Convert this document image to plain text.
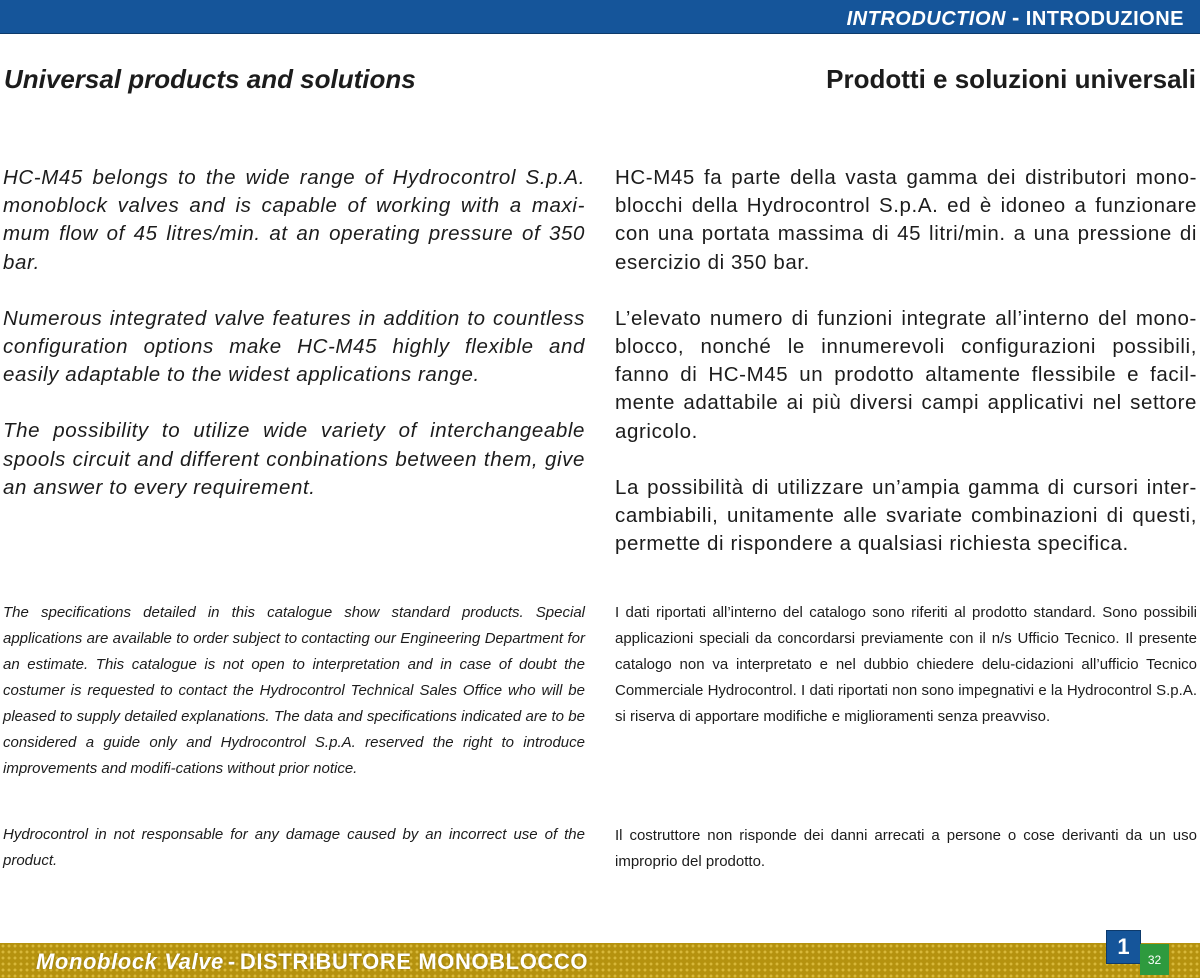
INTRODUCTION - INTRODUZIONE
Universal products and solutions	Prodotti e soluzioni universali

HC-M45 belongs to the wide range of Hydrocontrol S.p.A. monoblock valves and is capable of working with a maxi-mum flow of 45 litres/min. at an operating pressure of 350 bar.

Numerous integrated valve features in addition to countless configuration options make HC-M45 highly flexible and easily adaptable to the widest applications range.

The possibility to utilize wide variety of interchangeable spools circuit and different conbinations between them, give an answer to every requirement.

HC-M45 fa parte della vasta gamma dei distributori mono-blocchi della Hydrocontrol S.p.A. ed è idoneo a funzionare con una portata massima di 45 litri/min. a una pressione di esercizio di 350 bar.

L’elevato numero di funzioni integrate all’interno del mono-blocco, nonché le innumerevoli configurazioni possibili, fanno di HC-M45 un prodotto altamente flessibile e facil-mente adattabile ai più diversi campi applicativi nel settore agricolo.

La possibilità di utilizzare un’ampia gamma di cursori inter-cambiabili, unitamente alle svariate combinazioni di questi, permette di rispondere a qualsiasi richiesta specifica.

The specifications detailed in this catalogue show standard products. Special applications are available to order subject to contacting our Engineering Department for an estimate. This catalogue is not open to interpretation and in case of doubt the costumer is requested to contact the Hydrocontrol Technical Sales Office who will be pleased to supply detailed explanations. The data and specifications indicated are to be considered a guide only and Hydrocontrol S.p.A. reserved the right to introduce improvements and modifi-cations without prior notice.

I dati riportati all’interno del catalogo sono riferiti al prodotto standard. Sono possibili applicazioni speciali da concordarsi previamente con il n/s Ufficio Tecnico. Il presente catalogo non va interpretato e nel dubbio chiedere delu-cidazioni all’ufficio Tecnico Commerciale Hydrocontrol. I dati riportati non sono impegnativi e la Hydrocontrol S.p.A. si riserva di apportare modifiche e miglioramenti senza preavviso.

Hydrocontrol in not responsable for any damage caused by an incorrect use of the product.

Il costruttore non risponde dei danni arrecati a persone o cose derivanti da un uso improprio del prodotto.

Monoblock Valve - DISTRIBUTORE MONOBLOCCO
1
32
